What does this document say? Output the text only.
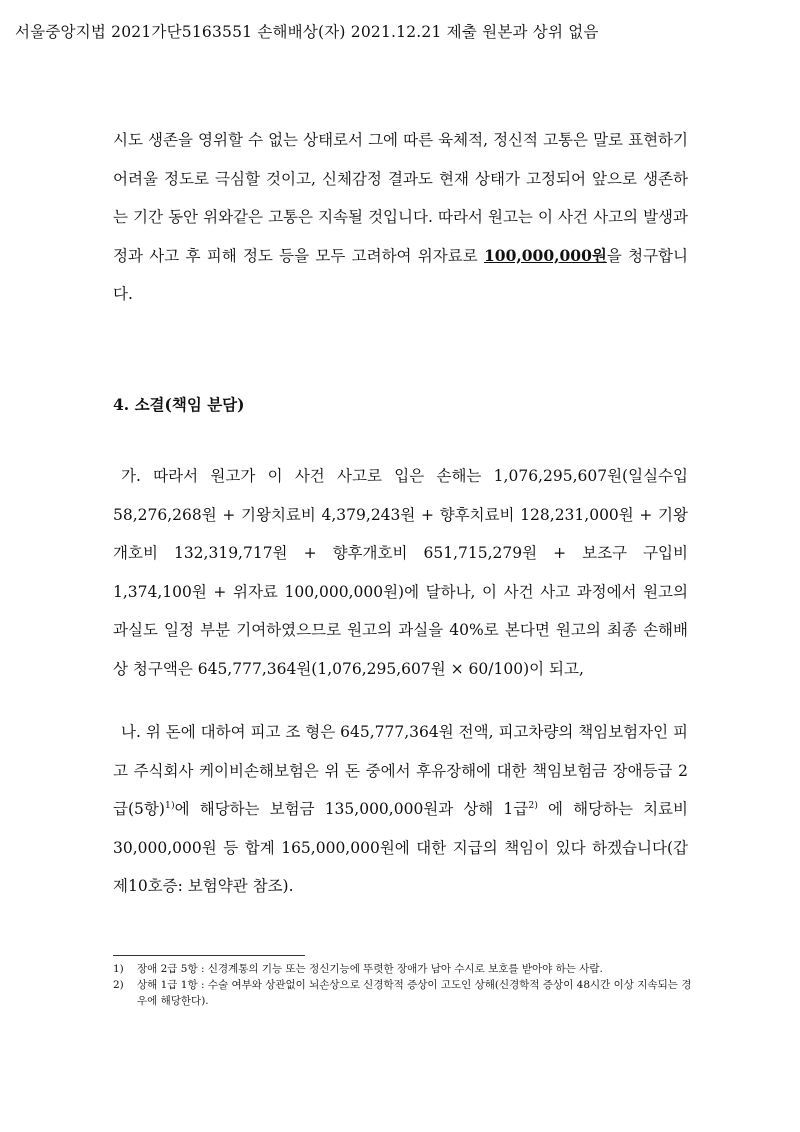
서울중앙지법 2021가단5163551 손해배상(자) 2021.12.21 제출 원본과 상위 없음

시도 생존을 영위할 수 없는 상태로서 그에 따른 육체적, 정신적 고통은 말로 표현하기 어려울 정도로 극심할 것이고, 신체감정 결과도 현재 상태가 고정되어 앞으로 생존하는 기간 동안 위와같은 고통은 지속될 것입니다. 따라서 원고는 이 사건 사고의 발생과정과 사고 후 피해 정도 등을 모두 고려하여 위자료로 100,000,000원을 청구합니다.

4. 소결(책임 분담)

가. 따라서 원고가 이 사건 사고로 입은 손해는 1,076,295,607원(일실수입 58,276,268원 + 기왕치료비 4,379,243원 + 향후치료비 128,231,000원 + 기왕개호비 132,319,717원 + 향후개호비 651,715,279원 + 보조구 구입비 1,374,100원 + 위자료 100,000,000원)에 달하나, 이 사건 사고 과정에서 원고의 과실도 일정 부분 기여하였으므로 원고의 과실을 40%로 본다면 원고의 최종 손해배상 청구액은 645,777,364원(1,076,295,607원 × 60/100)이 되고,

나. 위 돈에 대하여 피고 조 형은 645,777,364원 전액, 피고차량의 책임보험자인 피고 주식회사 케이비손해보험은 위 돈 중에서 후유장해에 대한 책임보험금 장애등급 2급(5항)$^{1)}$에 해당하는 보험금 135,000,000원과 상해 1급$^{2)}$ 에 해당하는 치료비 30,000,000원 등 합계 165,000,000원에 대한 지급의 책임이 있다 하겠습니다(갑 제10호증: 보험약관 참조).

1)	장애 2급 5항 : 신경계통의 기능 또는 정신기능에 뚜렷한 장애가 남아 수시로 보호를 받아야 하는 사람.
2)	상해 1급 1항 : 수술 여부와 상관없이 뇌손상으로 신경학적 증상이 고도인 상해(신경학적 증상이 48시간 이상 지속되는 경우에 해당한다).
